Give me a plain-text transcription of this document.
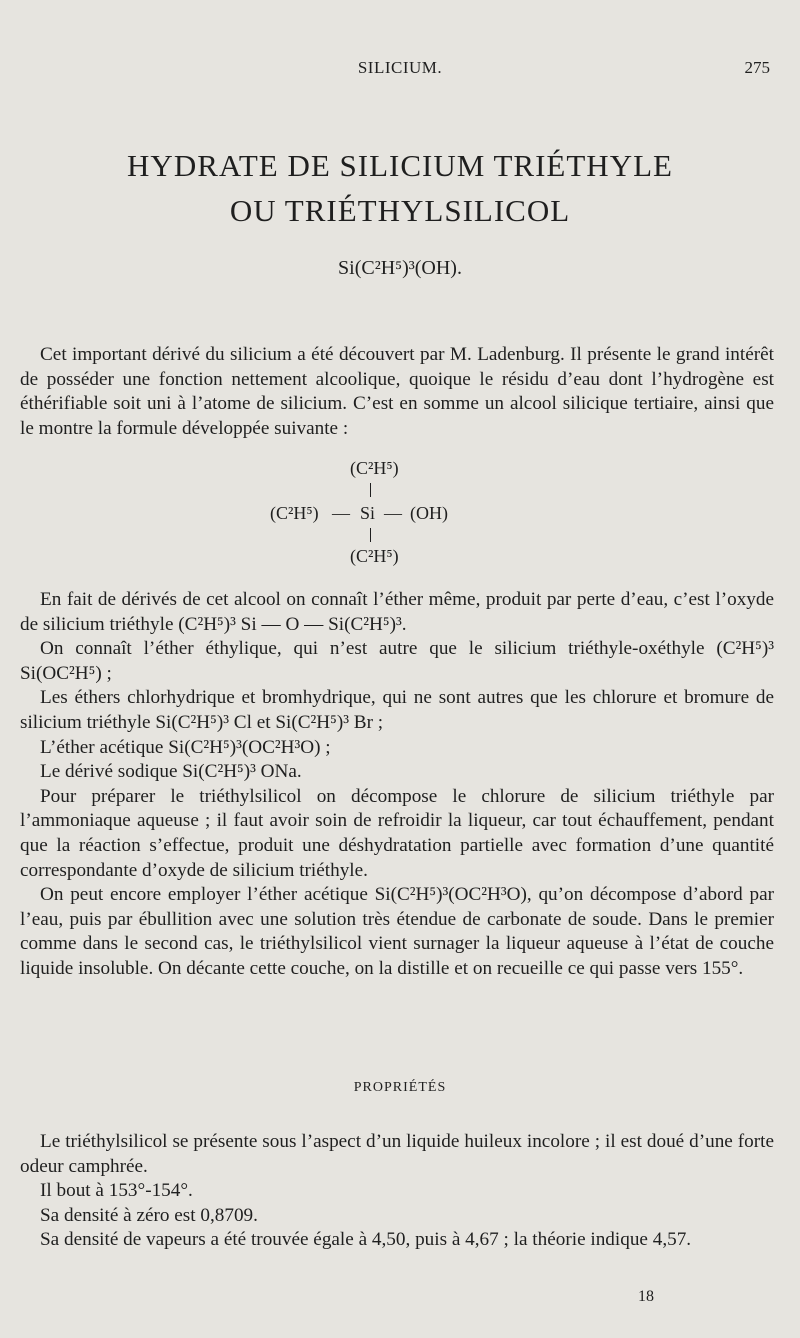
SILICIUM.	275
HYDRATE DE SILICIUM TRIÉTHYLE
OU TRIÉTHYLSILICOL
Si(C²H⁵)³(OH).

Cet important dérivé du silicium a été découvert par M. Ladenburg. Il présente le grand intérêt de posséder une fonction nettement alcoolique, quoique le résidu d’eau dont l’hydrogène est éthérifiable soit uni à l’atome de silicium. C’est en somme un alcool silicique tertiaire, ainsi que le montre la formule développée suivante :

(C²H⁵)
(C²H⁵) — Si — (OH)
(C²H⁵)

En fait de dérivés de cet alcool on connaît l’éther même, produit par perte d’eau, c’est l’oxyde de silicium triéthyle (C²H⁵)³ Si — O — Si(C²H⁵)³.

On connaît l’éther éthylique, qui n’est autre que le silicium triéthyle-oxéthyle (C²H⁵)³ Si(OC²H⁵) ;

Les éthers chlorhydrique et bromhydrique, qui ne sont autres que les chlorure et bromure de silicium triéthyle Si(C²H⁵)³ Cl et Si(C²H⁵)³ Br ;

L’éther acétique Si(C²H⁵)³(OC²H³O) ;

Le dérivé sodique Si(C²H⁵)³ ONa.

Pour préparer le triéthylsilicol on décompose le chlorure de silicium triéthyle par l’ammoniaque aqueuse ; il faut avoir soin de refroidir la liqueur, car tout échauffement, pendant que la réaction s’effectue, produit une déshydratation partielle avec formation d’une quantité correspondante d’oxyde de silicium triéthyle.

On peut encore employer l’éther acétique Si(C²H⁵)³(OC²H³O), qu’on décompose d’abord par l’eau, puis par ébullition avec une solution très étendue de carbonate de soude. Dans le premier comme dans le second cas, le triéthylsilicol vient surnager la liqueur aqueuse à l’état de couche liquide insoluble. On décante cette couche, on la distille et on recueille ce qui passe vers 155°.

PROPRIÉTÉS

Le triéthylsilicol se présente sous l’aspect d’un liquide huileux incolore ; il est doué d’une forte odeur camphrée.

Il bout à 153°-154°.

Sa densité à zéro est 0,8709.

Sa densité de vapeurs a été trouvée égale à 4,50, puis à 4,67 ; la théorie indique 4,57.

18
